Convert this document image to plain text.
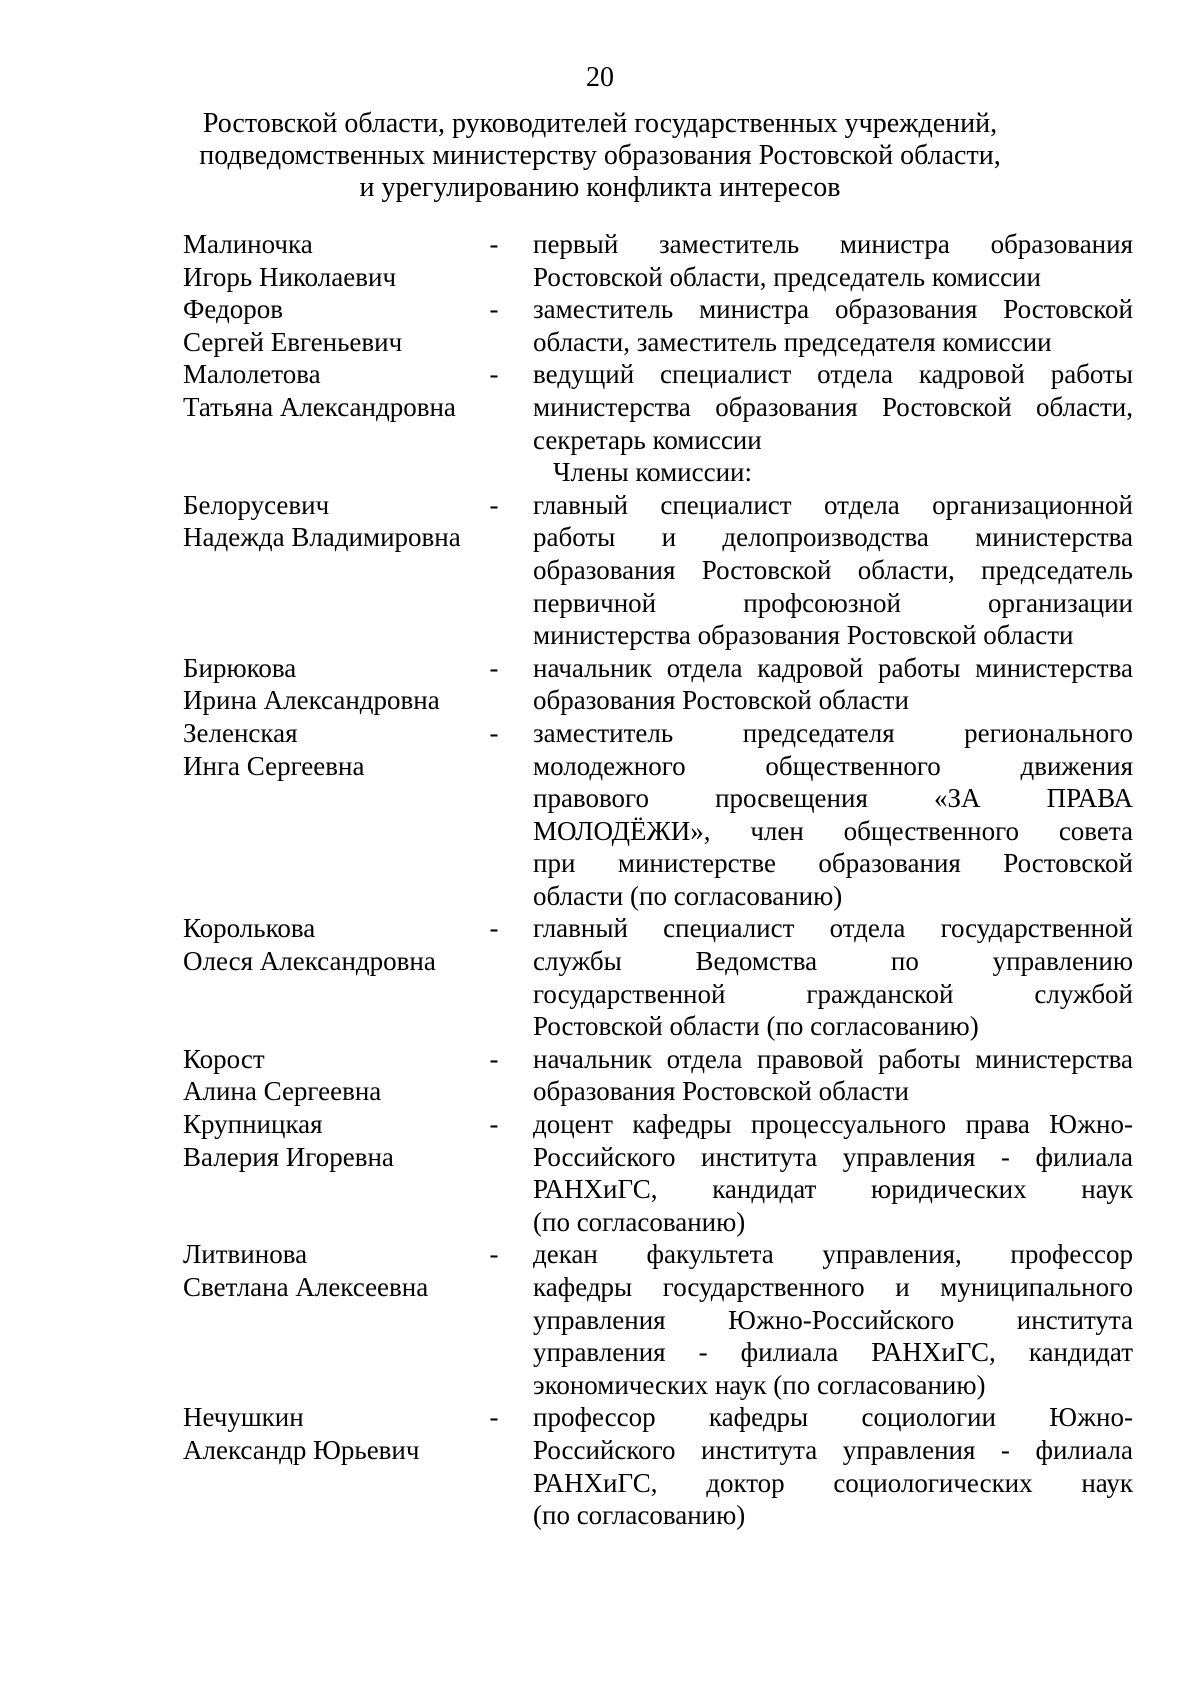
20
Ростовской области, руководителей государственных учреждений,
подведомственных министерству образования Ростовской области,
и урегулированию конфликта интересов
Малиночка
Игорь Николаевич
- первый заместитель министра образования
Ростовской области, председатель комиссии
Федоров
Сергей Евгеньевич
- заместитель министра образования Ростовской
области, заместитель председателя комиссии
Малолетова
Татьяна Александровна
- ведущий специалист отдела кадровой работы
министерства образования Ростовской области,
секретарь комиссии
Члены комиссии:
Белорусевич
Надежда Владимировна
- главный специалист отдела организационной
работы и делопроизводства министерства
образования Ростовской области, председатель
первичной профсоюзной организации
министерства образования Ростовской области
Бирюкова
Ирина Александровна
- начальник отдела кадровой работы министерства
образования Ростовской области
Зеленская
Инга Сергеевна
- заместитель председателя регионального
молодежного общественного движения
правового просвещения «ЗА ПРАВА
МОЛОДЁЖИ», член общественного совета
при министерстве образования Ростовской
области (по согласованию)
Королькова
Олеся Александровна
- главный специалист отдела государственной
службы Ведомства по управлению
государственной гражданской службой
Ростовской области (по согласованию)
Корост
Алина Сергеевна
- начальник отдела правовой работы министерства
образования Ростовской области
Крупницкая
Валерия Игоревна
- доцент кафедры процессуального права Южно-
Российского института управления - филиала
РАНХиГС, кандидат юридических наук
(по согласованию)
Литвинова
Светлана Алексеевна
- декан факультета управления, профессор
кафедры государственного и муниципального
управления Южно-Российского института
управления - филиала РАНХиГС, кандидат
экономических наук (по согласованию)
Нечушкин
Александр Юрьевич
- профессор кафедры социологии Южно-
Российского института управления - филиала
РАНХиГС, доктор социологических наук
(по согласованию)
